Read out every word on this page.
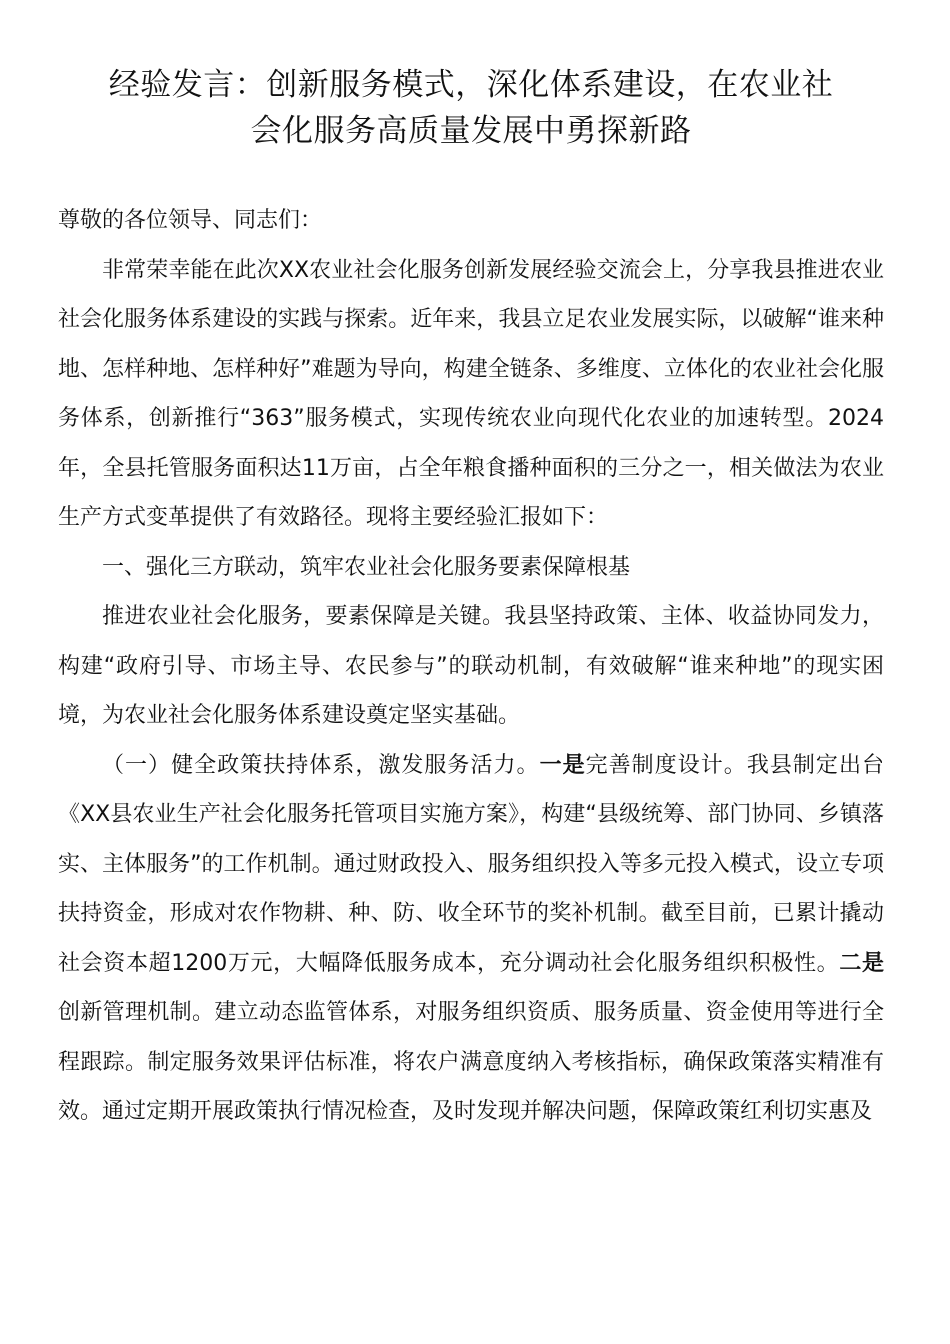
经验发言：创新服务模式，深化体系建设，在农业社
会化服务高质量发展中勇探新路

尊敬的各位领导、同志们：

非常荣幸能在此次XX农业社会化服务创新发展经验交流会上，分享我县推进农业社会化服务体系建设的实践与探索。近年来，我县立足农业发展实际，以破解“谁来种地、怎样种地、怎样种好”难题为导向，构建全链条、多维度、立体化的农业社会化服务体系，创新推行“363”服务模式，实现传统农业向现代化农业的加速转型。2024年，全县托管服务面积达11万亩，占全年粮食播种面积的三分之一，相关做法为农业生产方式变革提供了有效路径。现将主要经验汇报如下：

一、强化三方联动，筑牢农业社会化服务要素保障根基

推进农业社会化服务，要素保障是关键。我县坚持政策、主体、收益协同发力，构建“政府引导、市场主导、农民参与”的联动机制，有效破解“谁来种地”的现实困境，为农业社会化服务体系建设奠定坚实基础。

（一）健全政策扶持体系，激发服务活力。一是完善制度设计。我县制定出台《XX县农业生产社会化服务托管项目实施方案》，构建“县级统筹、部门协同、乡镇落实、主体服务”的工作机制。通过财政投入、服务组织投入等多元投入模式，设立专项扶持资金，形成对农作物耕、种、防、收全环节的奖补机制。截至目前，已累计撬动社会资本超1200万元，大幅降低服务成本，充分调动社会化服务组织积极性。二是创新管理机制。建立动态监管体系，对服务组织资质、服务质量、资金使用等进行全程跟踪。制定服务效果评估标准，将农户满意度纳入考核指标，确保政策落实精准有效。通过定期开展政策执行情况检查，及时发现并解决问题，保障政策红利切实惠及
